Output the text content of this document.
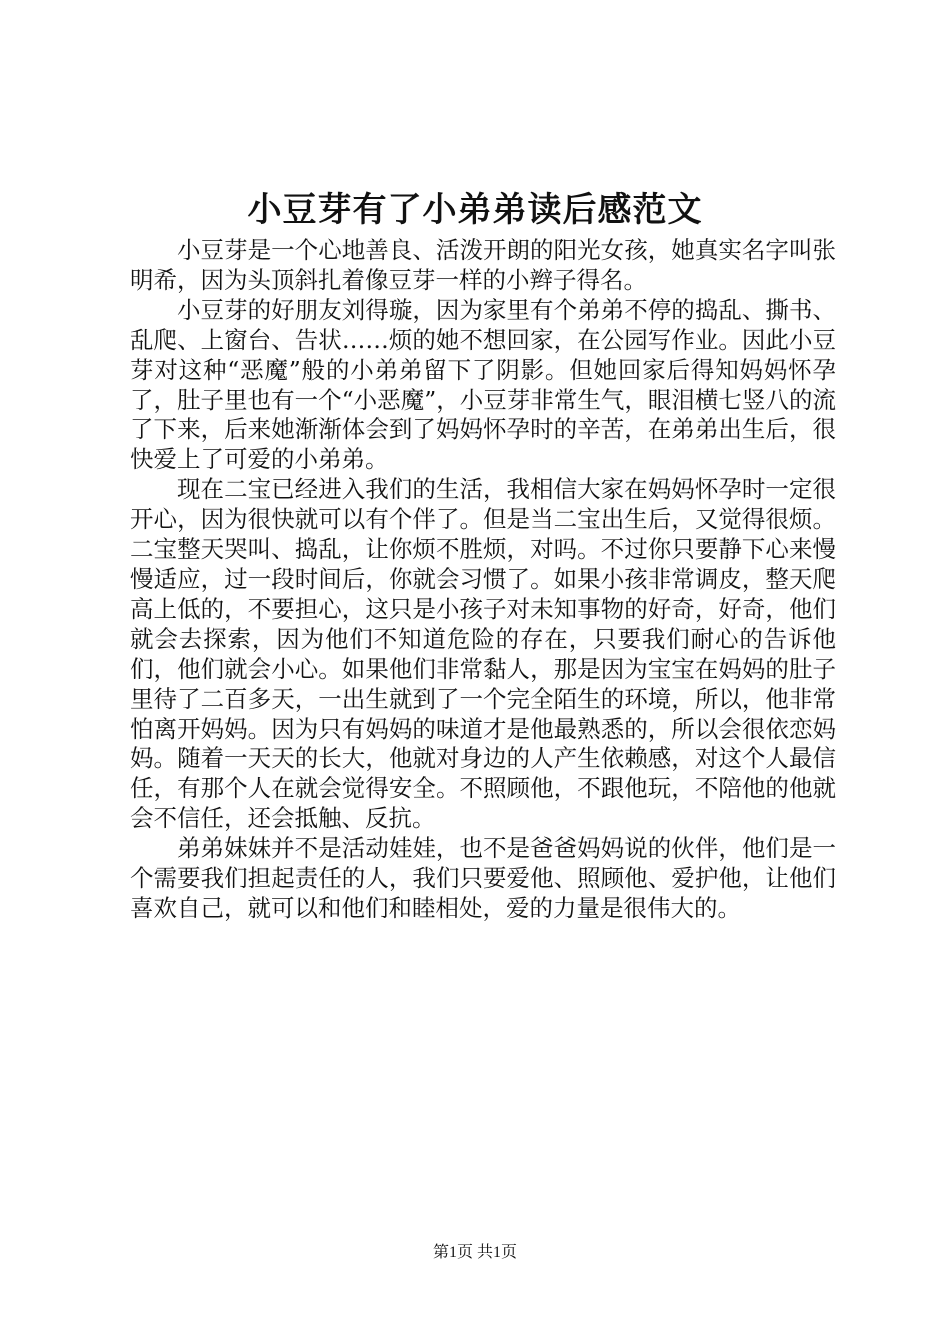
小豆芽有了小弟弟读后感范文

小豆芽是一个心地善良、活泼开朗的阳光女孩，她真实名字叫张明希，因为头顶斜扎着像豆芽一样的小辫子得名。

小豆芽的好朋友刘得璇，因为家里有个弟弟不停的捣乱、撕书、乱爬、上窗台、告状……烦的她不想回家，在公园写作业。因此小豆芽对这种“恶魔”般的小弟弟留下了阴影。但她回家后得知妈妈怀孕了，肚子里也有一个“小恶魔”，小豆芽非常生气，眼泪横七竖八的流了下来，后来她渐渐体会到了妈妈怀孕时的辛苦，在弟弟出生后，很快爱上了可爱的小弟弟。

现在二宝已经进入我们的生活，我相信大家在妈妈怀孕时一定很开心，因为很快就可以有个伴了。但是当二宝出生后，又觉得很烦。二宝整天哭叫、捣乱，让你烦不胜烦，对吗。不过你只要静下心来慢慢适应，过一段时间后，你就会习惯了。如果小孩非常调皮，整天爬高上低的，不要担心，这只是小孩子对未知事物的好奇，好奇，他们就会去探索，因为他们不知道危险的存在，只要我们耐心的告诉他们，他们就会小心。如果他们非常黏人，那是因为宝宝在妈妈的肚子里待了二百多天，一出生就到了一个完全陌生的环境，所以，他非常怕离开妈妈。因为只有妈妈的味道才是他最熟悉的，所以会很依恋妈妈。随着一天天的长大，他就对身边的人产生依赖感，对这个人最信任，有那个人在就会觉得安全。不照顾他，不跟他玩，不陪他的他就会不信任，还会抵触、反抗。

弟弟妹妹并不是活动娃娃，也不是爸爸妈妈说的伙伴，他们是一个需要我们担起责任的人，我们只要爱他、照顾他、爱护他，让他们喜欢自己，就可以和他们和睦相处，爱的力量是很伟大的。

第1页 共1页
